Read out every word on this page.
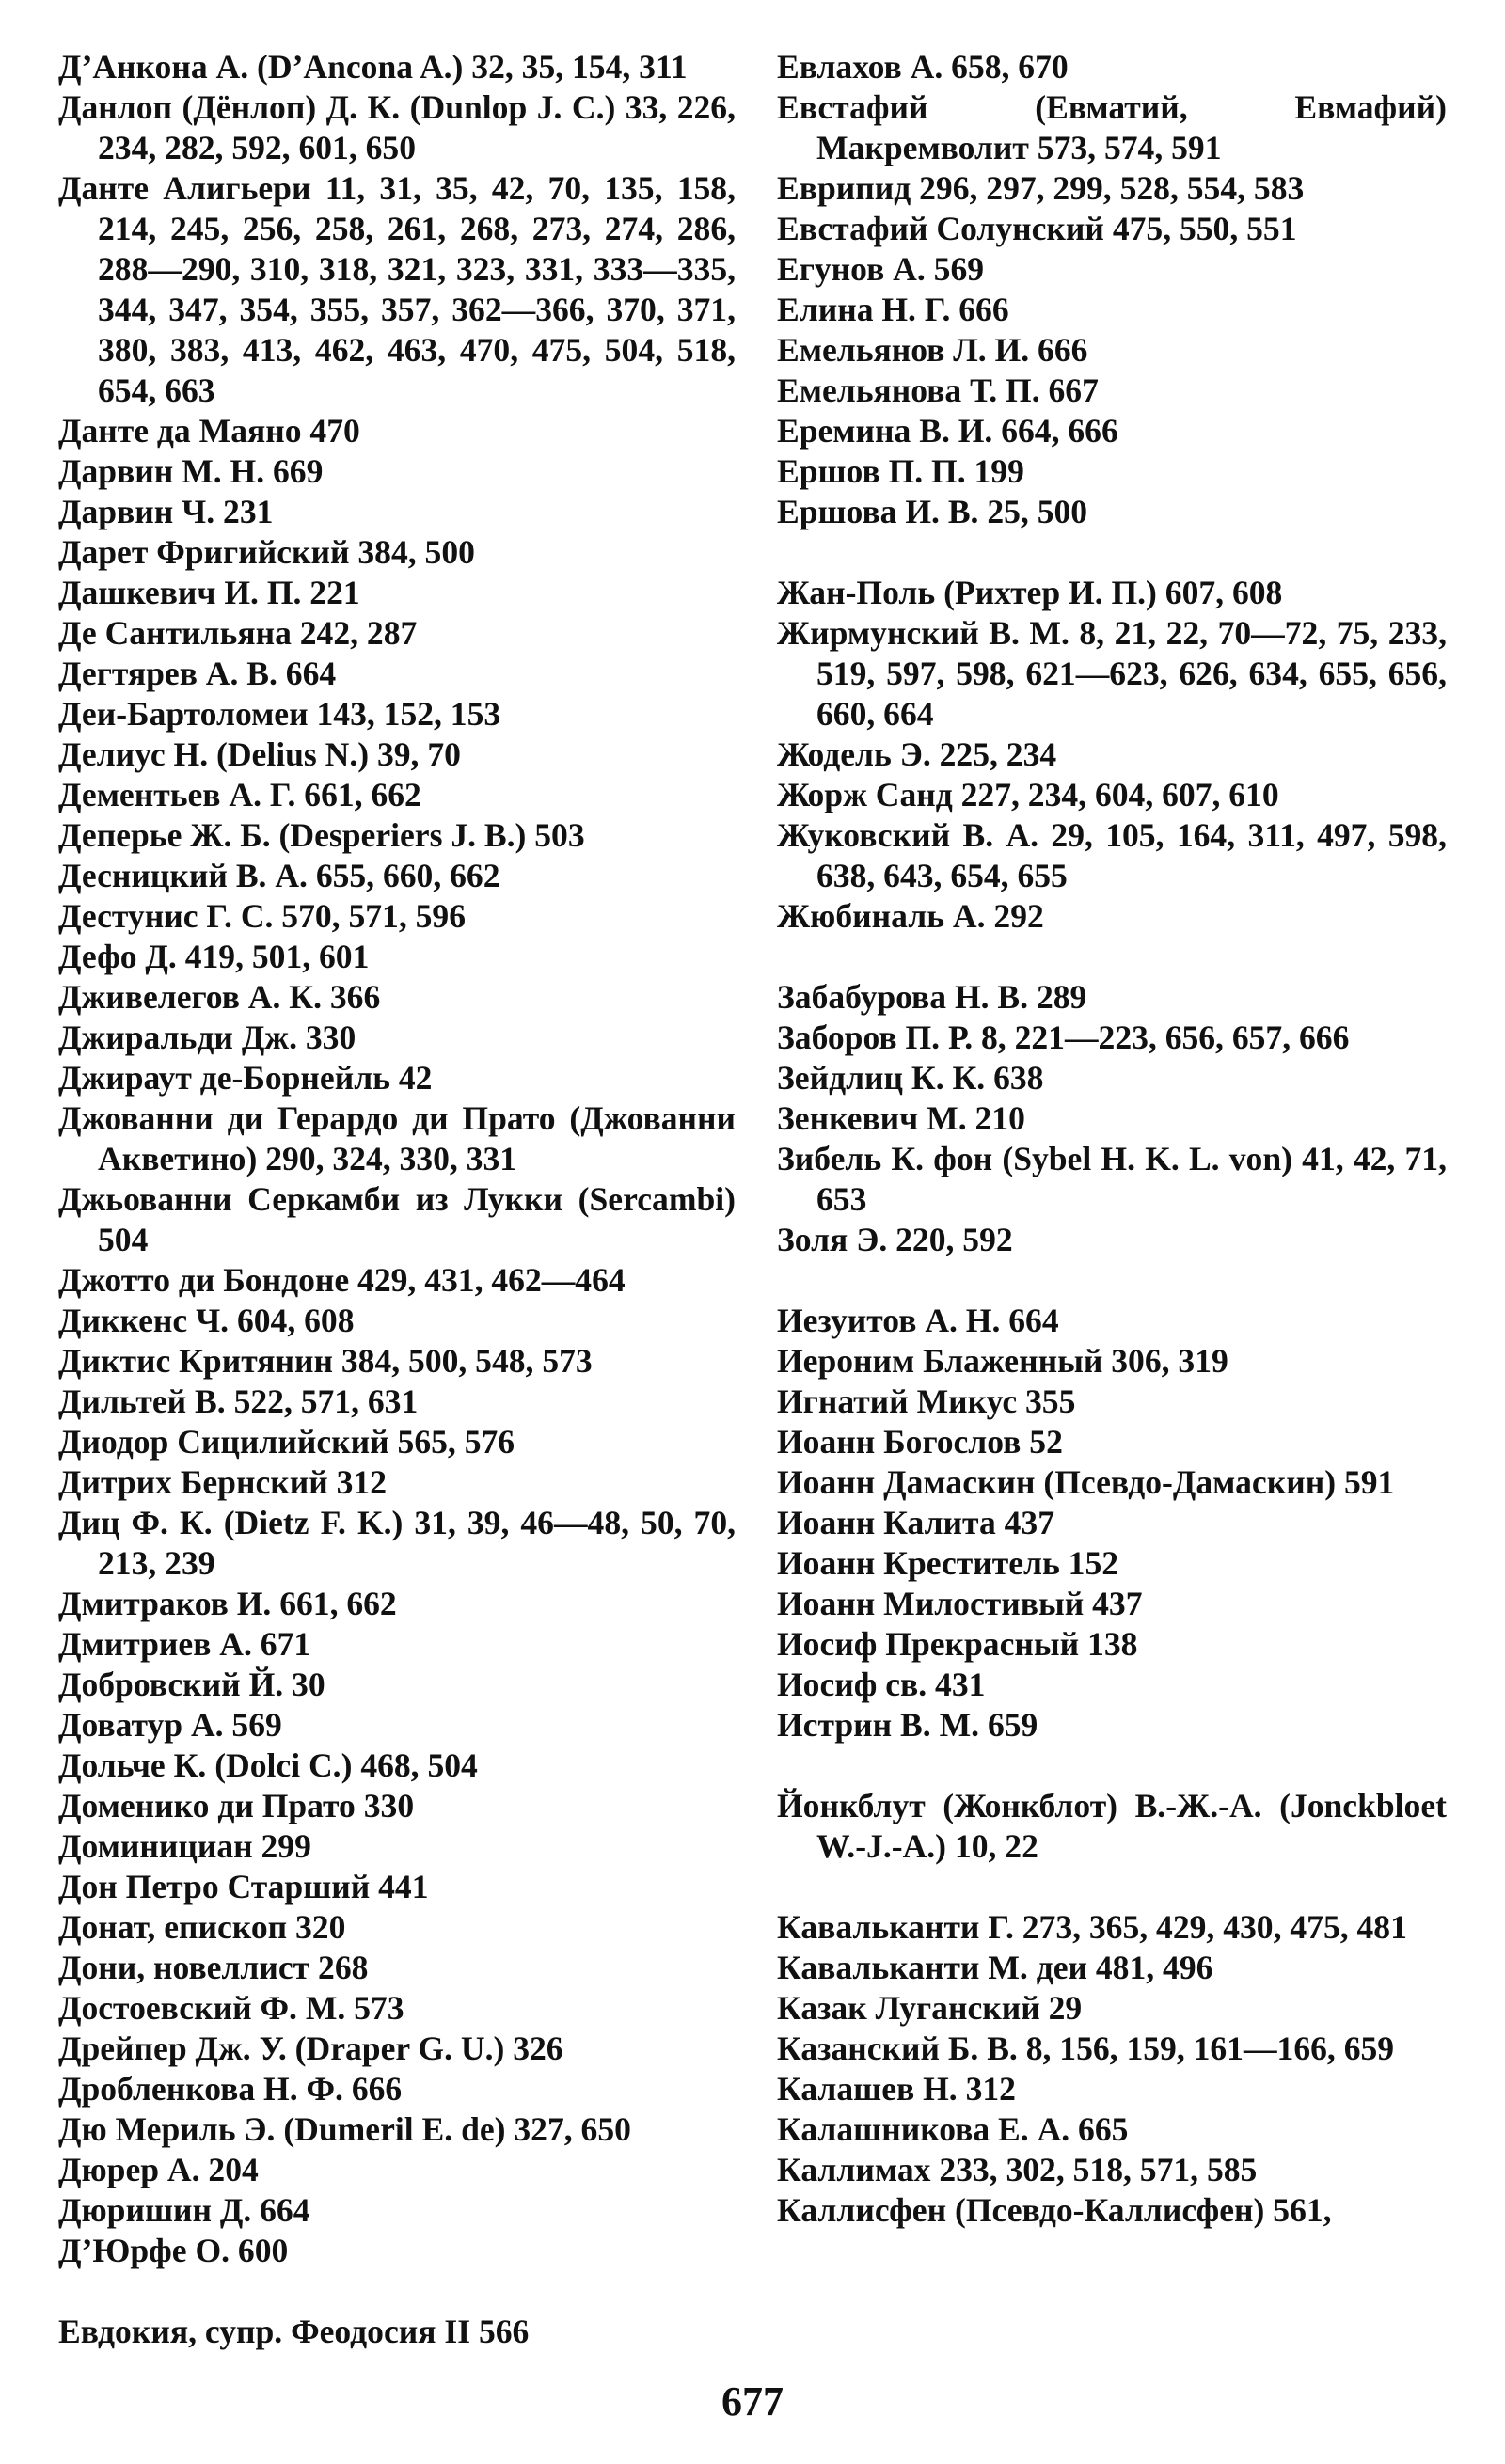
Д’Анкона А. (D’Ancona A.) 32, 35, 154, 311

Данлоп (Дёнлоп) Д. К. (Dunlop J. C.) 33, 226, 234, 282, 592, 601, 650

Данте Алигьери 11, 31, 35, 42, 70, 135, 158, 214, 245, 256, 258, 261, 268, 273, 274, 286, 288—290, 310, 318, 321, 323, 331, 333—335, 344, 347, 354, 355, 357, 362—366, 370, 371, 380, 383, 413, 462, 463, 470, 475, 504, 518, 654, 663

Данте да Маяно 470

Дарвин М. Н. 669

Дарвин Ч. 231

Дарет Фригийский 384, 500

Дашкевич И. П. 221

Де Сантильяна 242, 287

Дегтярев А. В. 664

Деи-Бартоломеи 143, 152, 153

Делиус Н. (Delius N.) 39, 70

Дементьев А. Г. 661, 662

Деперье Ж. Б. (Desperiers J. B.) 503

Десницкий В. А. 655, 660, 662

Дестунис Г. С. 570, 571, 596

Дефо Д. 419, 501, 601

Дживелегов А. К. 366

Джиральди Дж. 330

Джираут де-Борнейль 42

Джованни ди Герардо ди Прато (Джованни Акветино) 290, 324, 330, 331

Джьованни Серкамби из Лукки (Sercambi) 504

Джотто ди Бондоне 429, 431, 462—464

Диккенс Ч. 604, 608

Диктис Критянин 384, 500, 548, 573

Дильтей В. 522, 571, 631

Диодор Сицилийский 565, 576

Дитрих Бернский 312

Диц Ф. К. (Dietz F. K.) 31, 39, 46—48, 50, 70, 213, 239

Дмитраков И. 661, 662

Дмитриев А. 671

Добровский Й. 30

Доватур А. 569

Дольче К. (Dolci C.) 468, 504

Доменико ди Прато 330

Доминициан 299

Дон Петро Старший 441

Донат, епископ 320

Дони, новеллист 268

Достоевский Ф. М. 573

Дрейпер Дж. У. (Draper G. U.) 326

Дробленкова Н. Ф. 666

Дю Мериль Э. (Dumeril E. de) 327, 650

Дюрер А. 204

Дюришин Д. 664

Д’Юрфе О. 600

Евдокия, супр. Феодосия II 566

Евлахов А. 658, 670

Евстафий (Евматий, Евмафий) Макремволит 573, 574, 591

Еврипид 296, 297, 299, 528, 554, 583

Евстафий Солунский 475, 550, 551

Егунов А. 569

Елина Н. Г. 666

Емельянов Л. И. 666

Емельянова Т. П. 667

Еремина В. И. 664, 666

Ершов П. П. 199

Ершова И. В. 25, 500

Жан-Поль (Рихтер И. П.) 607, 608

Жирмунский В. М. 8, 21, 22, 70—72, 75, 233, 519, 597, 598, 621—623, 626, 634, 655, 656, 660, 664

Жодель Э. 225, 234

Жорж Санд 227, 234, 604, 607, 610

Жуковский В. А. 29, 105, 164, 311, 497, 598, 638, 643, 654, 655

Жюбиналь А. 292

Забабурова Н. В. 289

Заборов П. Р. 8, 221—223, 656, 657, 666

Зейдлиц К. К. 638

Зенкевич М. 210

Зибель К. фон (Sybel H. K. L. von) 41, 42, 71, 653

Золя Э. 220, 592

Иезуитов А. Н. 664

Иероним Блаженный 306, 319

Игнатий Микус 355

Иоанн Богослов 52

Иоанн Дамаскин (Псевдо-Дамаскин) 591

Иоанн Калита 437

Иоанн Креститель 152

Иоанн Милостивый 437

Иосиф Прекрасный 138

Иосиф св. 431

Истрин В. М. 659

Йонкблут (Жонкблот) В.-Ж.-А. (Jonckbloet W.-J.-A.) 10, 22

Кавальканти Г. 273, 365, 429, 430, 475, 481

Кавальканти М. деи 481, 496

Казак Луганский 29

Казанский Б. В. 8, 156, 159, 161—166, 659

Калашев Н. 312

Калашникова Е. А. 665

Каллимах 233, 302, 518, 571, 585

Каллисфен (Псевдо-Каллисфен) 561,

677
